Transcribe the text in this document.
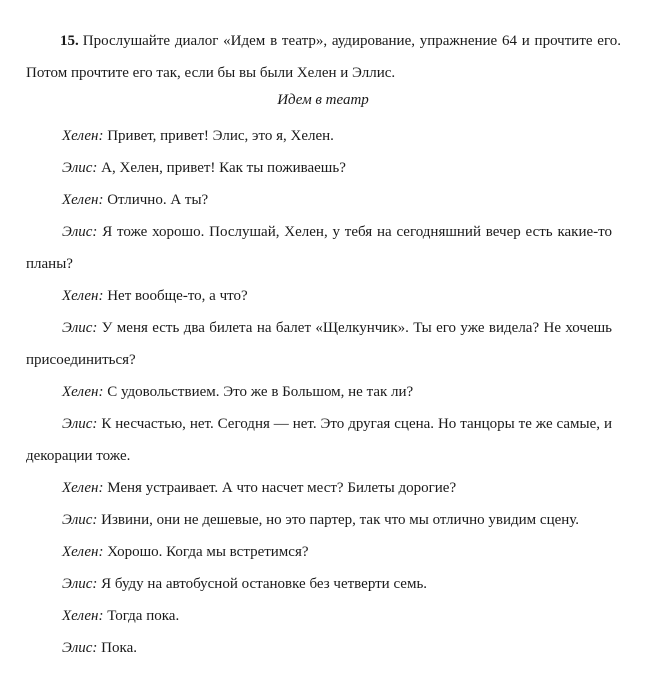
15. Прослушайте диалог «Идем в театр», аудирование, упражнение 64 и прочтите его. Потом прочтите его так, если бы вы были Хелен и Эллис.

Идем в театр
Хелен: Привет, привет! Элис, это я, Хелен.
Элис: А, Хелен, привет! Как ты поживаешь?
Хелен: Отлично. А ты?
Элис: Я тоже хорошо. Послушай, Хелен, у тебя на сегодняшний вечер есть какие-то планы?
Хелен: Нет вообще-то, а что?
Элис: У меня есть два билета на балет «Щелкунчик». Ты его уже видела? Не хочешь присоединиться?
Хелен: С удовольствием. Это же в Большом, не так ли?
Элис: К несчастью, нет. Сегодня — нет. Это другая сцена. Но танцоры те же самые, и декорации тоже.
Хелен: Меня устраивает. А что насчет мест? Билеты дорогие?
Элис: Извини, они не дешевые, но это партер, так что мы отлично увидим сцену.
Хелен: Хорошо. Когда мы встретимся?
Элис: Я буду на автобусной остановке без четверти семь.
Хелен: Тогда пока.
Элис: Пока.
